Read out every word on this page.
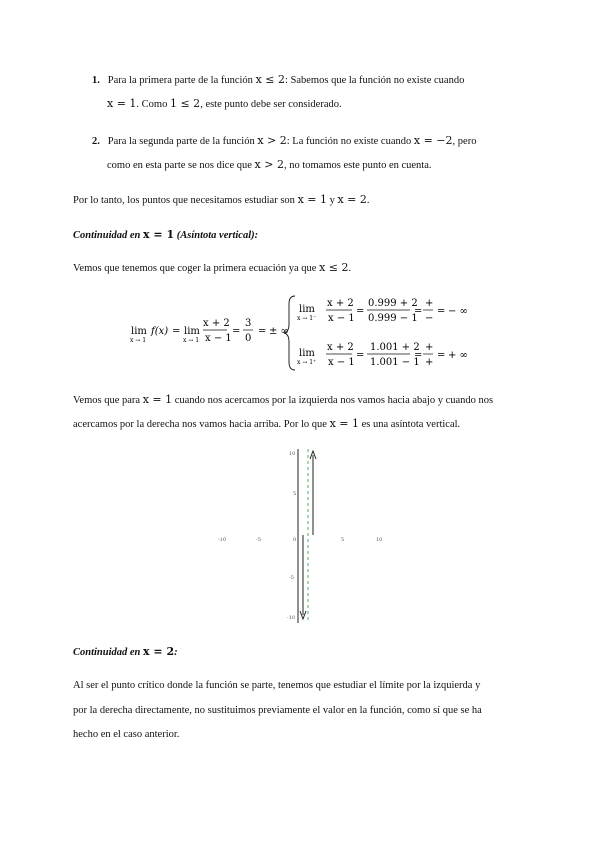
1. Para la primera parte de la función x ≤ 2: Sabemos que la función no existe cuando
x = 1. Como 1 ≤ 2, este punto debe ser considerado.
2. Para la segunda parte de la función x > 2: La función no existe cuando x = −2, pero
como en esta parte se nos dice que x > 2, no tomamos este punto en cuenta.
Por lo tanto, los puntos que necesitamos estudiar son x = 1 y x = 2.
Continuidad en x = 1 (Asíntota vertical):
Vemos que tenemos que coger la primera ecuación ya que x ≤ 2.
lim
x → 1
f(x) = lim
x → 1
x + 2
x − 1
=
3
0
= ± ∞
lim
x → 1⁻
x + 2
x − 1
=
0.999 + 2
0.999 − 1
=
+
−
= − ∞
lim
x → 1⁺
x + 2
x − 1
=
1.001 + 2
1.001 − 1
=
+
+
= + ∞
Vemos que para x = 1 cuando nos acercamos por la izquierda nos vamos hacia abajo y cuando nos
acercamos por la derecha nos vamos hacia arriba. Por lo que x = 1 es una asíntota vertical.
-10	-5	0	5	10
10
5
-5
-10
Continuidad en x = 2:
Al ser el punto crítico donde la función se parte, tenemos que estudiar el límite por la izquierda y
por la derecha directamente, no sustituimos previamente el valor en la función, como sí que se ha
hecho en el caso anterior.
